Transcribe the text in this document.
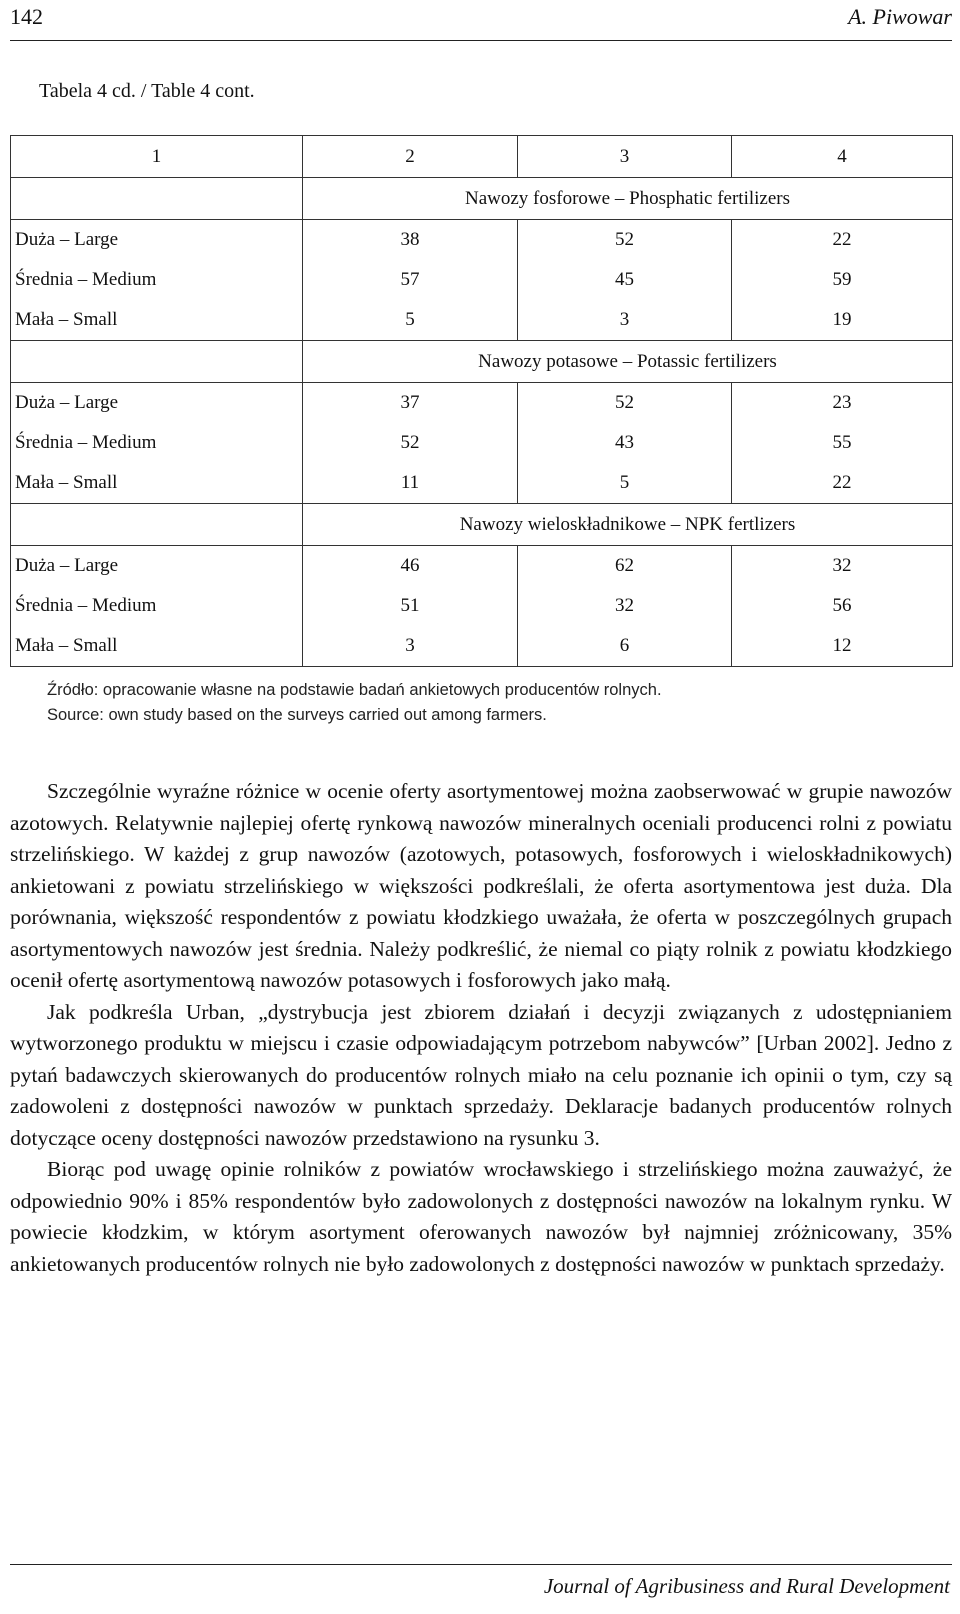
142	A. Piwowar
Tabela 4 cd. / Table 4 cont.
1	2	3	4
	Nawozy fosforowe – Phosphatic fertilizers		
Duża – Large	38	52	22
Średnia – Medium	57	45	59
Mała – Small	5	3	19
	Nawozy potasowe – Potassic fertilizers		
Duża – Large	37	52	23
Średnia – Medium	52	43	55
Mała – Small	11	5	22
	Nawozy wieloskładnikowe – NPK fertlizers		
Duża – Large	46	62	32
Średnia – Medium	51	32	56
Mała – Small	3	6	12
Źródło: opracowanie własne na podstawie badań ankietowych producentów rolnych.
Source: own study based on the surveys carried out among farmers.

Szczególnie wyraźne różnice w ocenie oferty asortymentowej można zaobserwować w grupie nawozów azotowych. Relatywnie najlepiej ofertę rynkową nawozów mineralnych oceniali producenci rolni z powiatu strzelińskiego. W każdej z grup nawozów (azotowych, potasowych, fosforowych i wieloskładnikowych) ankietowani z powiatu strzelińskiego w większości podkreślali, że oferta asortymentowa jest duża. Dla porównania, większość respondentów z powiatu kłodzkiego uważała, że oferta w poszczególnych grupach asortymentowych nawozów jest średnia. Należy podkreślić, że niemal co piąty rolnik z powiatu kłodzkiego ocenił ofertę asortymentową nawozów potasowych i fosforowych jako małą.

Jak podkreśla Urban, „dystrybucja jest zbiorem działań i decyzji związanych z udostępnianiem wytworzonego produktu w miejscu i czasie odpowiadającym potrzebom nabywców” [Urban 2002]. Jedno z pytań badawczych skierowanych do producentów rolnych miało na celu poznanie ich opinii o tym, czy są zadowoleni z dostępności nawozów w punktach sprzedaży. Deklaracje badanych producentów rolnych dotyczące oceny dostępności nawozów przedstawiono na rysunku 3.

Biorąc pod uwagę opinie rolników z powiatów wrocławskiego i strzelińskiego można zauważyć, że odpowiednio 90% i 85% respondentów było zadowolonych z dostępności nawozów na lokalnym rynku. W powiecie kłodzkim, w którym asortyment oferowanych nawozów był najmniej zróżnicowany, 35% ankietowanych producentów rolnych nie było zadowolonych z dostępności nawozów w punktach sprzedaży.

Journal of Agribusiness and Rural Development
